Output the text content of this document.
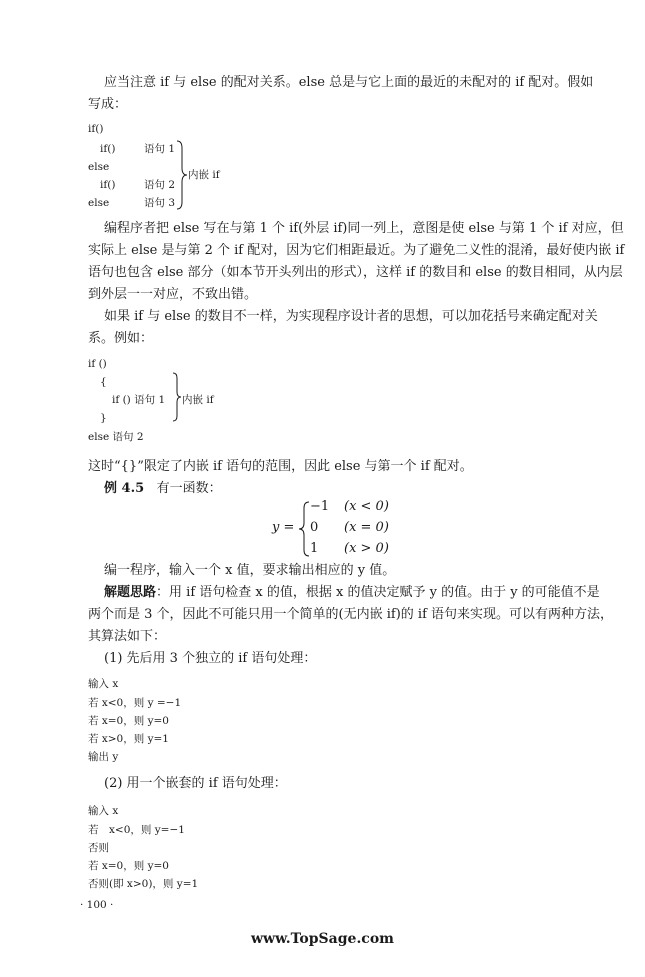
应当注意 if 与 else 的配对关系。else 总是与它上面的最近的未配对的 if 配对。假如
写成：
if()
if()	语句 1
else
if()	语句 2
else	语句 3
内嵌 if
编程序者把 else 写在与第 1 个 if(外层 if)同一列上，意图是使 else 与第 1 个 if 对应，但
实际上 else 是与第 2 个 if 配对，因为它们相距最近。为了避免二义性的混淆，最好使内嵌 if
语句也包含 else 部分（如本节开头列出的形式），这样 if 的数目和 else 的数目相同，从内层
到外层一一对应，不致出错。
如果 if 与 else 的数目不一样，为实现程序设计者的思想，可以加花括号来确定配对关
系。例如：
if ()
{
if () 语句 1
}
else 语句 2
内嵌 if
这时“{}”限定了内嵌 if 语句的范围，因此 else 与第一个 if 配对。
例 4.5 有一函数：
y =
−1 (x < 0)
0 (x = 0)
1 (x > 0)
编一程序，输入一个 x 值，要求输出相应的 y 值。
解题思路：用 if 语句检查 x 的值，根据 x 的值决定赋予 y 的值。由于 y 的可能值不是
两个而是 3 个，因此不可能只用一个简单的(无内嵌 if)的 if 语句来实现。可以有两种方法，
其算法如下：
(1) 先后用 3 个独立的 if 语句处理：
输入 x
若 x<0，则 y =−1
若 x=0，则 y=0
若 x>0，则 y=1
输出 y
(2) 用一个嵌套的 if 语句处理：
输入 x
若　x<0，则 y=−1
否则
若 x=0，则 y=0
否则(即 x>0)，则 y=1
· 100 ·
www.TopSage.com
